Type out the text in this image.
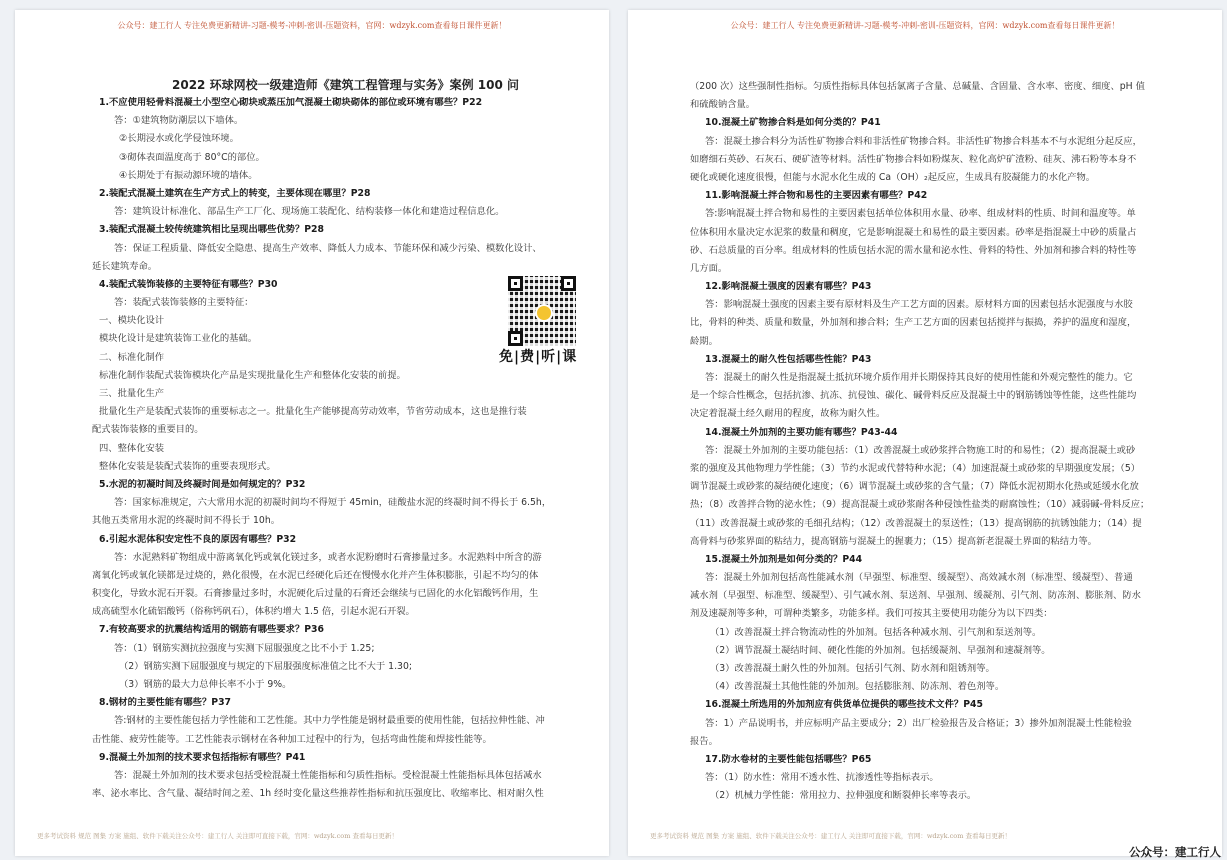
公众号：建工行人 专注免费更新精讲-习题-模考-冲刺-密训-压题资料，官网：wdzyk.com查看每日课件更新！
2022 环球网校一级建造师《建筑工程管理与实务》案例 100 问
1.不应使用轻骨料混凝土小型空心砌块或蒸压加气混凝土砌块砌体的部位或环境有哪些？P22
答：①建筑物防潮层以下墙体。
②长期浸水或化学侵蚀环境。
③砌体表面温度高于 80°C的部位。
④长期处于有振动源环境的墙体。
2.装配式混凝土建筑在生产方式上的转变，主要体现在哪里？P28
答：建筑设计标准化、部品生产工厂化、现场施工装配化、结构装修一体化和建造过程信息化。
3.装配式混凝土较传统建筑相比呈现出哪些优势？P28
答：保证工程质量、降低安全隐患、提高生产效率、降低人力成本、节能环保和减少污染、模数化设计、
延长建筑寿命。
4.装配式装饰装修的主要特征有哪些？P30
答：装配式装饰装修的主要特征：
一、模块化设计
模块化设计是建筑装饰工业化的基础。
二、标准化制作
标准化制作装配式装饰模块化产品是实现批量化生产和整体化安装的前提。
三、批量化生产
批量化生产是装配式装饰的重要标志之一。批量化生产能够提高劳动效率，节省劳动成本，这也是推行装
配式装饰装修的重要目的。
四、整体化安装
整体化安装是装配式装饰的重要表现形式。
5.水泥的初凝时间及终凝时间是如何规定的？P32
答：国家标准规定，六大常用水泥的初凝时间均不得短于 45min，硅酸盐水泥的终凝时间不得长于 6.5h，
其他五类常用水泥的终凝时间不得长于 10h。
6.引起水泥体积安定性不良的原因有哪些？P32
答：水泥熟料矿物组成中游离氧化钙或氧化镁过多，或者水泥粉磨时石膏掺量过多。水泥熟料中所含的游
离氧化钙或氧化镁都是过烧的，熟化很慢，在水泥已经硬化后还在慢慢水化并产生体积膨胀，引起不均匀的体
积变化，导致水泥石开裂。石膏掺量过多时，水泥硬化后过量的石膏还会继续与已固化的水化铝酸钙作用，生
成高硫型水化硫铝酸钙（俗称钙矾石），体积约增大 1.5 倍，引起水泥石开裂。
7.有较高要求的抗震结构适用的钢筋有哪些要求？P36
答：（1）钢筋实测抗拉强度与实测下屈服强度之比不小于 1.25;
（2）钢筋实测下屈服强度与规定的下屈服强度标准值之比不大于 1.30;
（3）钢筋的最大力总伸长率不小于 9%。
8.钢材的主要性能有哪些？P37
答:钢材的主要性能包括力学性能和工艺性能。其中力学性能是钢材最重要的使用性能，包括拉伸性能、冲
击性能、疲劳性能等。工艺性能表示钢材在各种加工过程中的行为，包括弯曲性能和焊接性能等。
9.混凝土外加剂的技术要求包括指标有哪些？P41
答：混凝土外加剂的技术要求包括受检混凝土性能指标和匀质性指标。受检混凝土性能指标具体包括减水
率、泌水率比、含气量、凝结时间之差、1h 经时变化量这些推荐性指标和抗压强度比、收缩率比、相对耐久性
免|费|听|课
更多考试资料 规范 图集 方案 施组、软件下载关注公众号：建工行人 关注即可直接下载，官网：wdzyk.com 查看每日更新！
公众号：建工行人 专注免费更新精讲-习题-模考-冲刺-密训-压题资料，官网：wdzyk.com查看每日课件更新！
（200 次）这些强制性指标。匀质性指标具体包括氯离子含量、总碱量、含固量、含水率、密度、细度、pH 值
和硫酸钠含量。
10.混凝土矿物掺合料是如何分类的？P41
答：混凝土掺合料分为活性矿物掺合料和非活性矿物掺合料。非活性矿物掺合料基本不与水泥组分起反应，
如磨细石英砂、石灰石、硬矿渣等材料。活性矿物掺合料如粉煤灰、粒化高炉矿渣粉、硅灰、沸石粉等本身不
硬化或硬化速度很慢，但能与水泥水化生成的 Ca（OH）₂起反应，生成具有胶凝能力的水化产物。
11.影响混凝土拌合物和易性的主要因素有哪些？P42
答:影响混凝土拌合物和易性的主要因素包括单位体积用水量、砂率、组成材料的性质、时间和温度等。单
位体积用水量决定水泥浆的数量和稠度，它是影响混凝土和易性的最主要因素。砂率是指混凝土中砂的质量占
砂、石总质量的百分率。组成材料的性质包括水泥的需水量和泌水性、骨料的特性、外加剂和掺合料的特性等
几方面。
12.影响混凝土强度的因素有哪些？P43
答：影响混凝土强度的因素主要有原材料及生产工艺方面的因素。原材料方面的因素包括水泥强度与水胶
比，骨料的种类、质量和数量，外加剂和掺合料；生产工艺方面的因素包括搅拌与振捣，养护的温度和湿度，
龄期。
13.混凝土的耐久性包括哪些性能？P43
答：混凝土的耐久性是指混凝土抵抗环境介质作用并长期保持其良好的使用性能和外观完整性的能力。它
是一个综合性概念，包括抗渗、抗冻、抗侵蚀、碳化、碱骨料反应及混凝土中的钢筋锈蚀等性能，这些性能均
决定着混凝土经久耐用的程度，故称为耐久性。
14.混凝土外加剂的主要功能有哪些？P43-44
答：混凝土外加剂的主要功能包括：（1）改善混凝土或砂浆拌合物施工时的和易性；（2）提高混凝土或砂
浆的强度及其他物理力学性能；（3）节约水泥或代替特种水泥；（4）加速混凝土或砂浆的早期强度发展；（5）
调节混凝土或砂浆的凝结硬化速度；（6）调节混凝土或砂浆的含气量；（7）降低水泥初期水化热或延缓水化放
热；（8）改善拌合物的泌水性；（9）提高混凝土或砂浆耐各种侵蚀性盐类的耐腐蚀性；（10）减弱碱-骨料反应；
（11）改善混凝土或砂浆的毛细孔结构；（12）改善混凝土的泵送性；（13）提高钢筋的抗锈蚀能力；（14）提
高骨料与砂浆界面的粘结力，提高钢筋与混凝土的握裹力；（15）提高新老混凝土界面的粘结力等。
15.混凝土外加剂是如何分类的？P44
答：混凝土外加剂包括高性能减水剂（早强型、标准型、缓凝型）、高效减水剂（标准型、缓凝型）、普通
减水剂（早强型、标准型、缓凝型）、引气减水剂、泵送剂、早强剂、缓凝剂、引气剂、防冻剂、膨胀剂、防水
剂及速凝剂等多种，可谓种类繁多，功能多样。我们可按其主要使用功能分为以下四类：
（1）改善混凝土拌合物流动性的外加剂。包括各种减水剂、引气剂和泵送剂等。
（2）调节混凝土凝结时间、硬化性能的外加剂。包括缓凝剂、早强剂和速凝剂等。
（3）改善混凝土耐久性的外加剂。包括引气剂、防水剂和阻锈剂等。
（4）改善混凝土其他性能的外加剂。包括膨胀剂、防冻剂、着色剂等。
16.混凝土所选用的外加剂应有供货单位提供的哪些技术文件？P45
答：1）产品说明书，并应标明产品主要成分；2）出厂检验报告及合格证；3）掺外加剂混凝土性能检验
报告。
17.防水卷材的主要性能包括哪些？P65
答：（1）防水性：常用不透水性、抗渗透性等指标表示。
（2）机械力学性能：常用拉力、拉伸强度和断裂伸长率等表示。
更多考试资料 规范 图集 方案 施组、软件下载关注公众号：建工行人 关注即可直接下载，官网：wdzyk.com 查看每日更新！
公众号：建工行人
